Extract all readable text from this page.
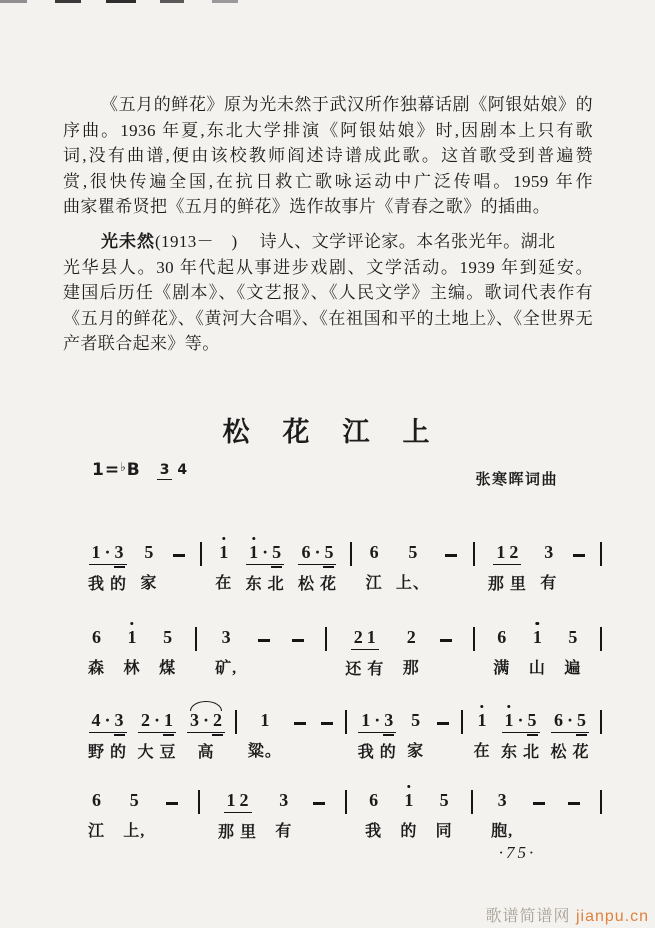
《五月的鲜花》原为光未然于武汉所作独幕话剧《阿银姑娘》的
序曲。1936 年夏,东北大学排演《阿银姑娘》时,因剧本上只有歌
词,没有曲谱,便由该校教师阎述诗谱成此歌。这首歌受到普遍赞
赏,很快传遍全国,在抗日救亡歌咏运动中广泛传唱。1959 年作
曲家瞿希贤把《五月的鲜花》选作故事片《青春之歌》的插曲。
光未然(1913－　)　 诗人、文学评论家。本名张光年。湖北
光华县人。30 年代起从事进步戏剧、文学活动。1939 年到延安。
建国后历任《剧本》、《文艺报》、《人民文学》主编。歌词代表作有
《五月的鲜花》、《黄河大合唱》、《在祖国和平的土地上》、《全世界无
产者联合起来》等。
松　花　江　上
1=♭B 3 4
张寒晖词曲
1 · 3
我 的
5
家
1
在
1 · 5
东 北
6 · 5
松 花
6
江
5
上、
1 2
那 里
3
有
6
森
1
林
5
煤
3
矿,
2 1
还 有
2
那
6
满
1
山
5
遍
4 · 3
野 的
2 · 1
大 豆
3 · 2
高
1
粱。
1 · 3
我 的
5
家
1
在
1 · 5
东 北
6 · 5
松 花
6
江
5
上,
1 2
那 里
3
有
6
我
1
的
5
同
3
胞,
·75·
歌谱简谱网 jianpu.cn
